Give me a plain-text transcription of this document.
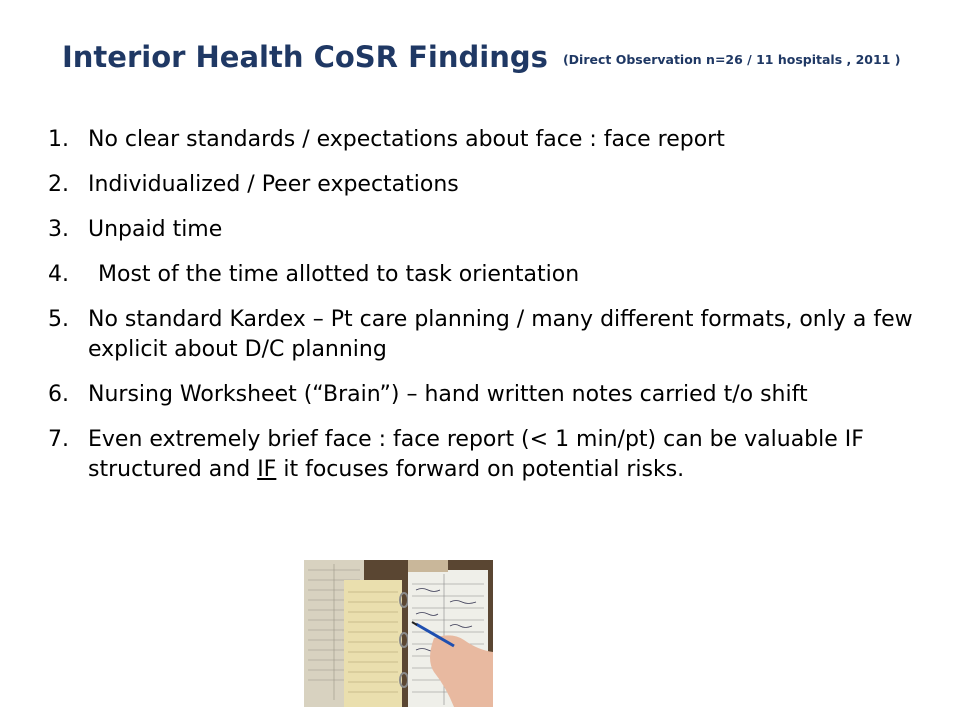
Interior Health CoSR Findings (Direct Observation n=26 / 11 hospitals , 2011 )
1. No clear standards / expectations about face : face report
2. Individualized / Peer expectations
3. Unpaid time
4. Most of the time allotted to task orientation
5. No standard Kardex – Pt care planning / many different formats, only a few explicit about D/C planning
6. Nursing Worksheet (“Brain”) – hand written notes carried t/o shift
7. Even extremely brief face : face report (< 1 min/pt) can be valuable IF structured and IF it focuses forward on potential risks.
